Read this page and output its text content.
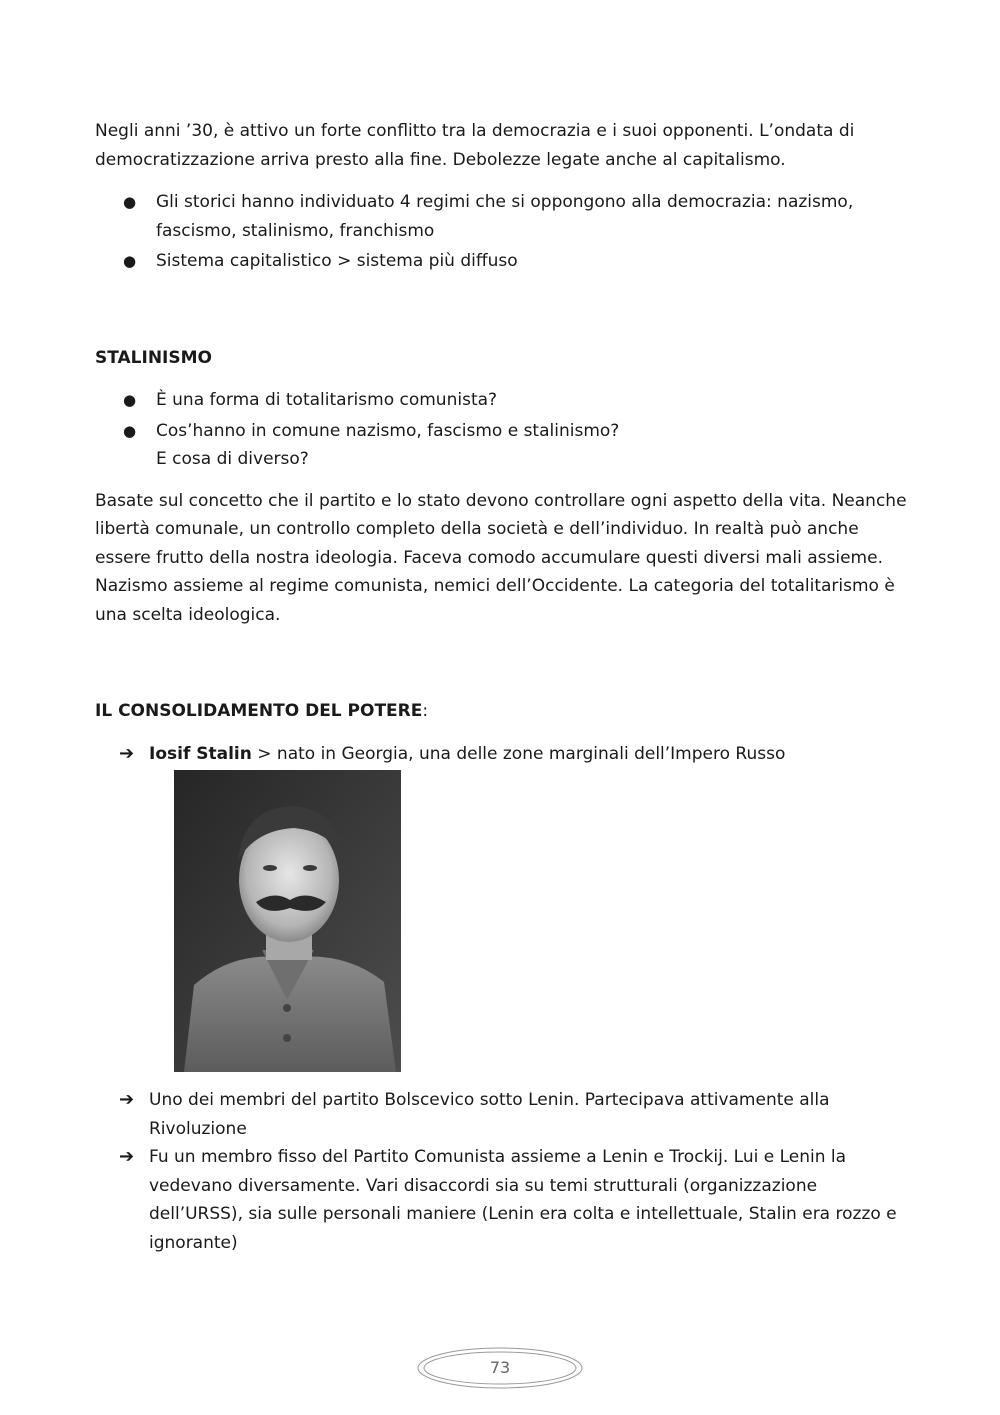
Negli anni ’30, è attivo un forte conflitto tra la democrazia e i suoi opponenti. L’ondata di democratizzazione arriva presto alla fine. Debolezze legate anche al capitalismo.

● Gli storici hanno individuato 4 regimi che si oppongono alla democrazia: nazismo, fascismo, stalinismo, franchismo
● Sistema capitalistico > sistema più diffuso

STALINISMO

● È una forma di totalitarismo comunista?
● Cos’hanno in comune nazismo, fascismo e stalinismo?
E cosa di diverso?

Basate sul concetto che il partito e lo stato devono controllare ogni aspetto della vita. Neanche libertà comunale, un controllo completo della società e dell’individuo. In realtà può anche essere frutto della nostra ideologia. Faceva comodo accumulare questi diversi mali assieme. Nazismo assieme al regime comunista, nemici dell’Occidente. La categoria del totalitarismo è una scelta ideologica.

IL CONSOLIDAMENTO DEL POTERE:

➔ Iosif Stalin > nato in Georgia, una delle zone marginali dell’Impero Russo
➔ Uno dei membri del partito Bolscevico sotto Lenin. Partecipava attivamente alla Rivoluzione
➔ Fu un membro fisso del Partito Comunista assieme a Lenin e Trockij. Lui e Lenin la vedevano diversamente. Vari disaccordi sia su temi strutturali (organizzazione dell’URSS), sia sulle personali maniere (Lenin era colta e intellettuale, Stalin era rozzo e ignorante)
73
